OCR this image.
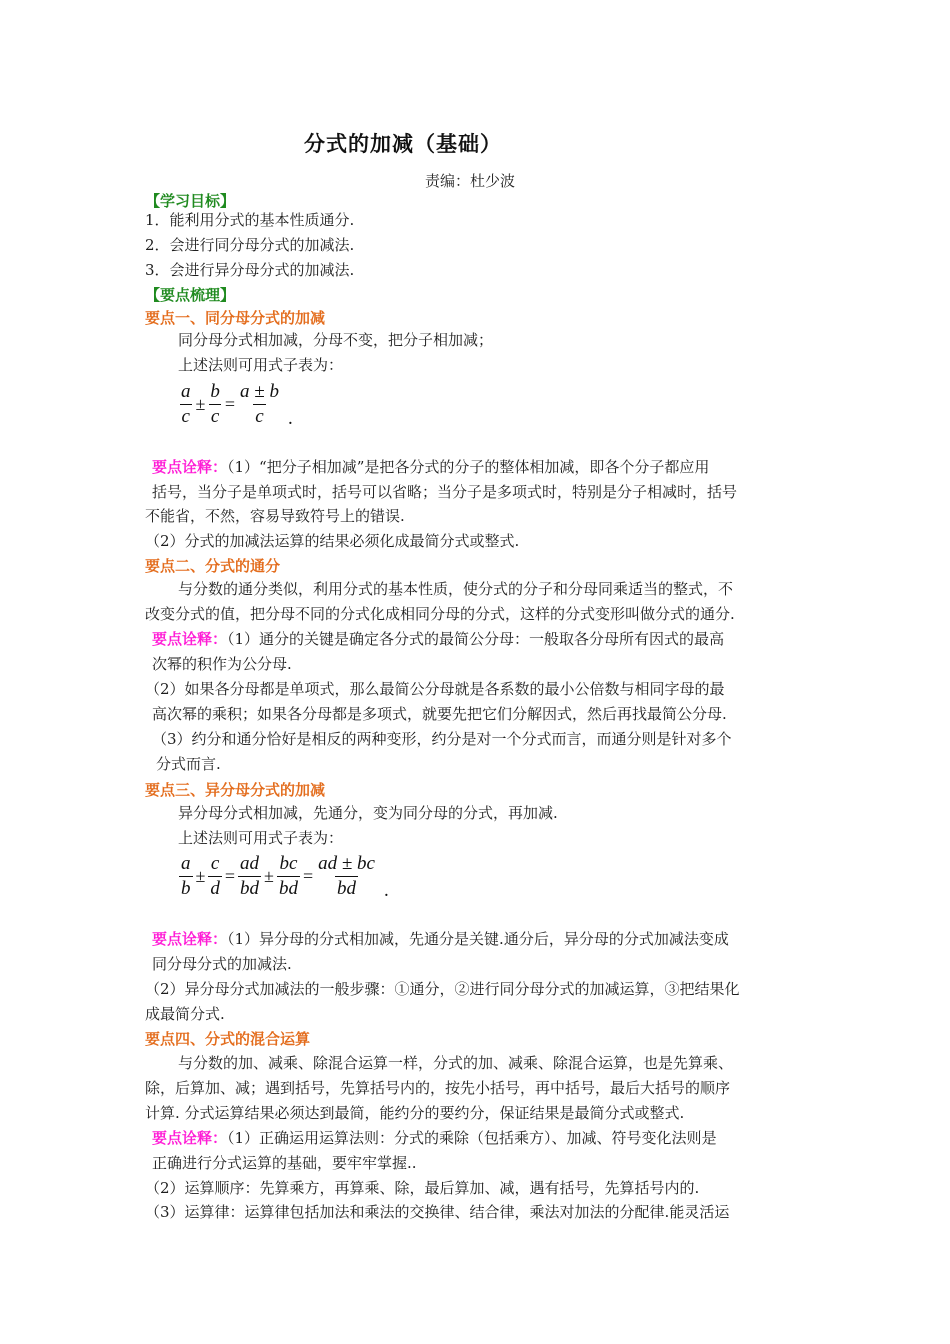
分式的加减（基础）
责编：杜少波
【学习目标】
1．能利用分式的基本性质通分.
2．会进行同分母分式的加减法.
3．会进行异分母分式的加减法.
【要点梳理】
要点一、同分母分式的加减
同分母分式相加减，分母不变，把分子相加减；
上述法则可用式子表为：
$\frac{a}{c} \pm \frac{b}{c} = \frac{a \pm b}{c}$ .
要点诠释：（1）“把分子相加减”是把各分式的分子的整体相加减，即各个分子都应用
括号，当分子是单项式时，括号可以省略；当分子是多项式时，特别是分子相减时，括号
不能省，不然，容易导致符号上的错误.
（2）分式的加减法运算的结果必须化成最简分式或整式.
要点二、分式的通分
与分数的通分类似，利用分式的基本性质，使分式的分子和分母同乘适当的整式，不
改变分式的值，把分母不同的分式化成相同分母的分式，这样的分式变形叫做分式的通分.
要点诠释：（1）通分的关键是确定各分式的最简公分母：一般取各分母所有因式的最高
次幂的积作为公分母.
（2）如果各分母都是单项式，那么最简公分母就是各系数的最小公倍数与相同字母的最
高次幂的乘积；如果各分母都是多项式，就要先把它们分解因式，然后再找最简公分母.
（3）约分和通分恰好是相反的两种变形，约分是对一个分式而言，而通分则是针对多个
分式而言.
要点三、异分母分式的加减
异分母分式相加减，先通分，变为同分母的分式，再加减.
上述法则可用式子表为：
$\frac{a}{b} \pm \frac{c}{d} = \frac{ad}{bd} \pm \frac{bc}{bd} = \frac{ad \pm bc}{bd}$ .
要点诠释：（1）异分母的分式相加减，先通分是关键.通分后，异分母的分式加减法变成
同分母分式的加减法.
（2）异分母分式加减法的一般步骤：①通分，②进行同分母分式的加减运算，③把结果化
成最简分式.
要点四、分式的混合运算
与分数的加、减乘、除混合运算一样，分式的加、减乘、除混合运算，也是先算乘、
除，后算加、减；遇到括号，先算括号内的，按先小括号，再中括号，最后大括号的顺序
计算. 分式运算结果必须达到最简，能约分的要约分，保证结果是最简分式或整式.
要点诠释：（1）正确运用运算法则：分式的乘除（包括乘方）、加减、符号变化法则是
正确进行分式运算的基础，要牢牢掌握..
（2）运算顺序：先算乘方，再算乘、除，最后算加、减，遇有括号，先算括号内的.
（3）运算律：运算律包括加法和乘法的交换律、结合律，乘法对加法的分配律.能灵活运
